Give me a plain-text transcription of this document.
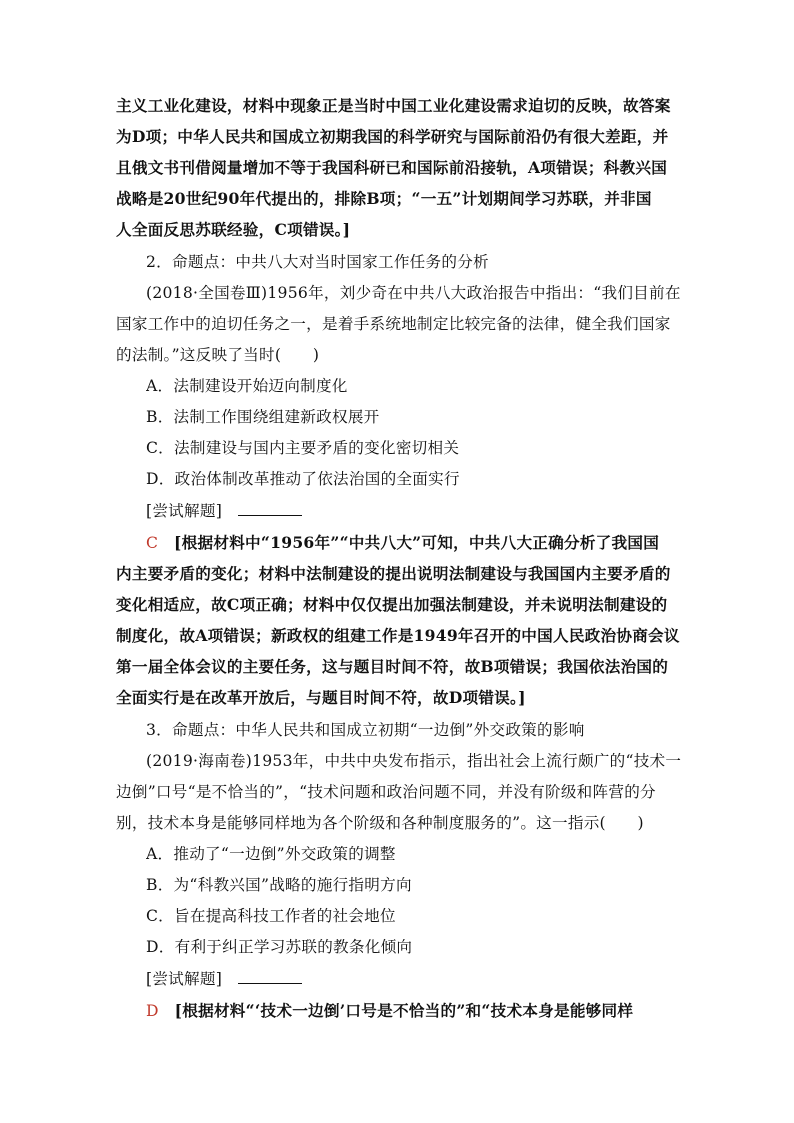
主义工业化建设，材料中现象正是当时中国工业化建设需求迫切的反映，故答案
为D项；中华人民共和国成立初期我国的科学研究与国际前沿仍有很大差距，并
且俄文书刊借阅量增加不等于我国科研已和国际前沿接轨，A项错误；科教兴国
战略是20世纪90年代提出的，排除B项；“一五”计划期间学习苏联，并非国
人全面反思苏联经验，C项错误。]
2．命题点：中共八大对当时国家工作任务的分析
(2018·全国卷Ⅲ)1956年，刘少奇在中共八大政治报告中指出：“我们目前在
国家工作中的迫切任务之一，是着手系统地制定比较完备的法律，健全我们国家
的法制。”这反映了当时(　　)
A．法制建设开始迈向制度化
B．法制工作围绕组建新政权展开
C．法制建设与国内主要矛盾的变化密切相关
D．政治体制改革推动了依法治国的全面实行
[尝试解题]
C　 [根据材料中“1956年”“中共八大”可知，中共八大正确分析了我国国
内主要矛盾的变化；材料中法制建设的提出说明法制建设与我国国内主要矛盾的
变化相适应，故C项正确；材料中仅仅提出加强法制建设，并未说明法制建设的
制度化，故A项错误；新政权的组建工作是1949年召开的中国人民政治协商会议
第一届全体会议的主要任务，这与题目时间不符，故B项错误；我国依法治国的
全面实行是在改革开放后，与题目时间不符，故D项错误。]
3．命题点：中华人民共和国成立初期“一边倒”外交政策的影响
(2019·海南卷)1953年，中共中央发布指示，指出社会上流行颇广的“技术一
边倒”口号“是不恰当的”，“技术问题和政治问题不同，并没有阶级和阵营的分
别，技术本身是能够同样地为各个阶级和各种制度服务的”。这一指示(　　)
A．推动了“一边倒”外交政策的调整
B．为“科教兴国”战略的施行指明方向
C．旨在提高科技工作者的社会地位
D．有利于纠正学习苏联的教条化倾向
[尝试解题]
D　 [根据材料“‘技术一边倒’口号是不恰当的”和“技术本身是能够同样
